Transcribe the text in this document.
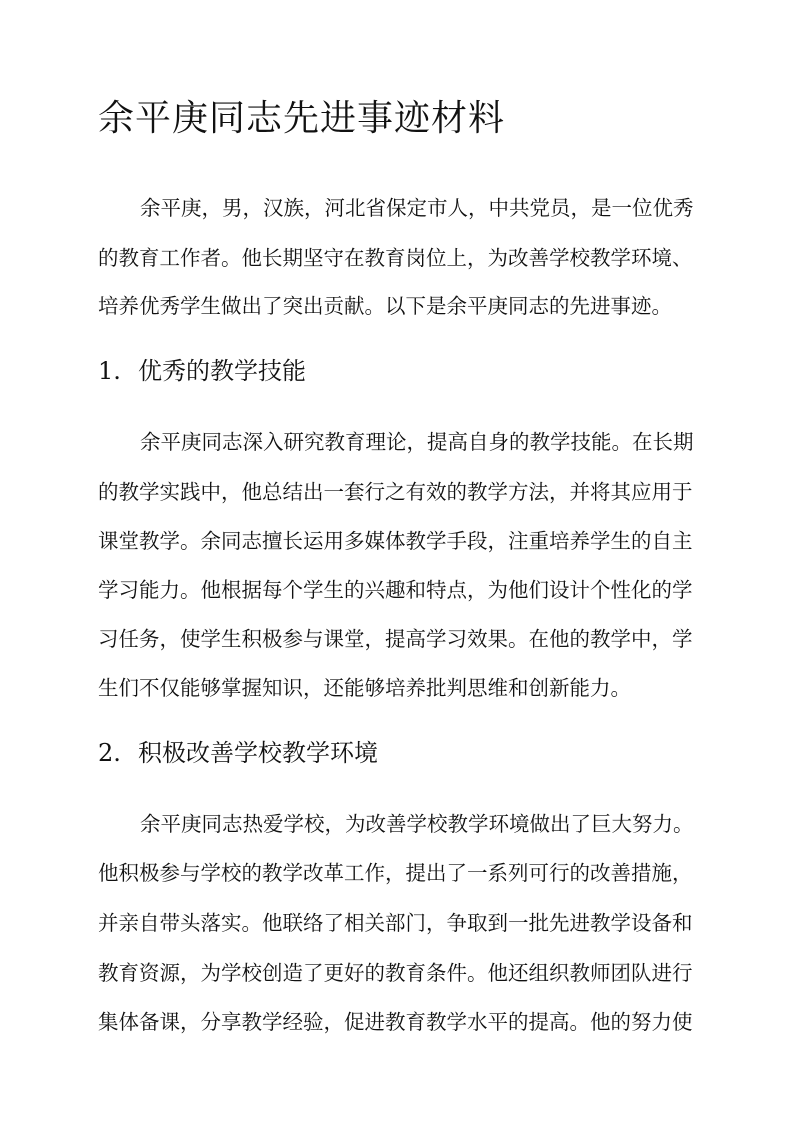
余平庚同志先进事迹材料

余平庚，男，汉族，河北省保定市人，中共党员，是一位优秀

的教育工作者。他长期坚守在教育岗位上，为改善学校教学环境、

培养优秀学生做出了突出贡献。以下是余平庚同志的先进事迹。

1. 优秀的教学技能

余平庚同志深入研究教育理论，提高自身的教学技能。在长期

的教学实践中，他总结出一套行之有效的教学方法，并将其应用于

课堂教学。余同志擅长运用多媒体教学手段，注重培养学生的自主

学习能力。他根据每个学生的兴趣和特点，为他们设计个性化的学

习任务，使学生积极参与课堂，提高学习效果。在他的教学中，学

生们不仅能够掌握知识，还能够培养批判思维和创新能力。

2. 积极改善学校教学环境

余平庚同志热爱学校，为改善学校教学环境做出了巨大努力。

他积极参与学校的教学改革工作，提出了一系列可行的改善措施，

并亲自带头落实。他联络了相关部门，争取到一批先进教学设备和

教育资源，为学校创造了更好的教育条件。他还组织教师团队进行

集体备课，分享教学经验，促进教育教学水平的提高。他的努力使
